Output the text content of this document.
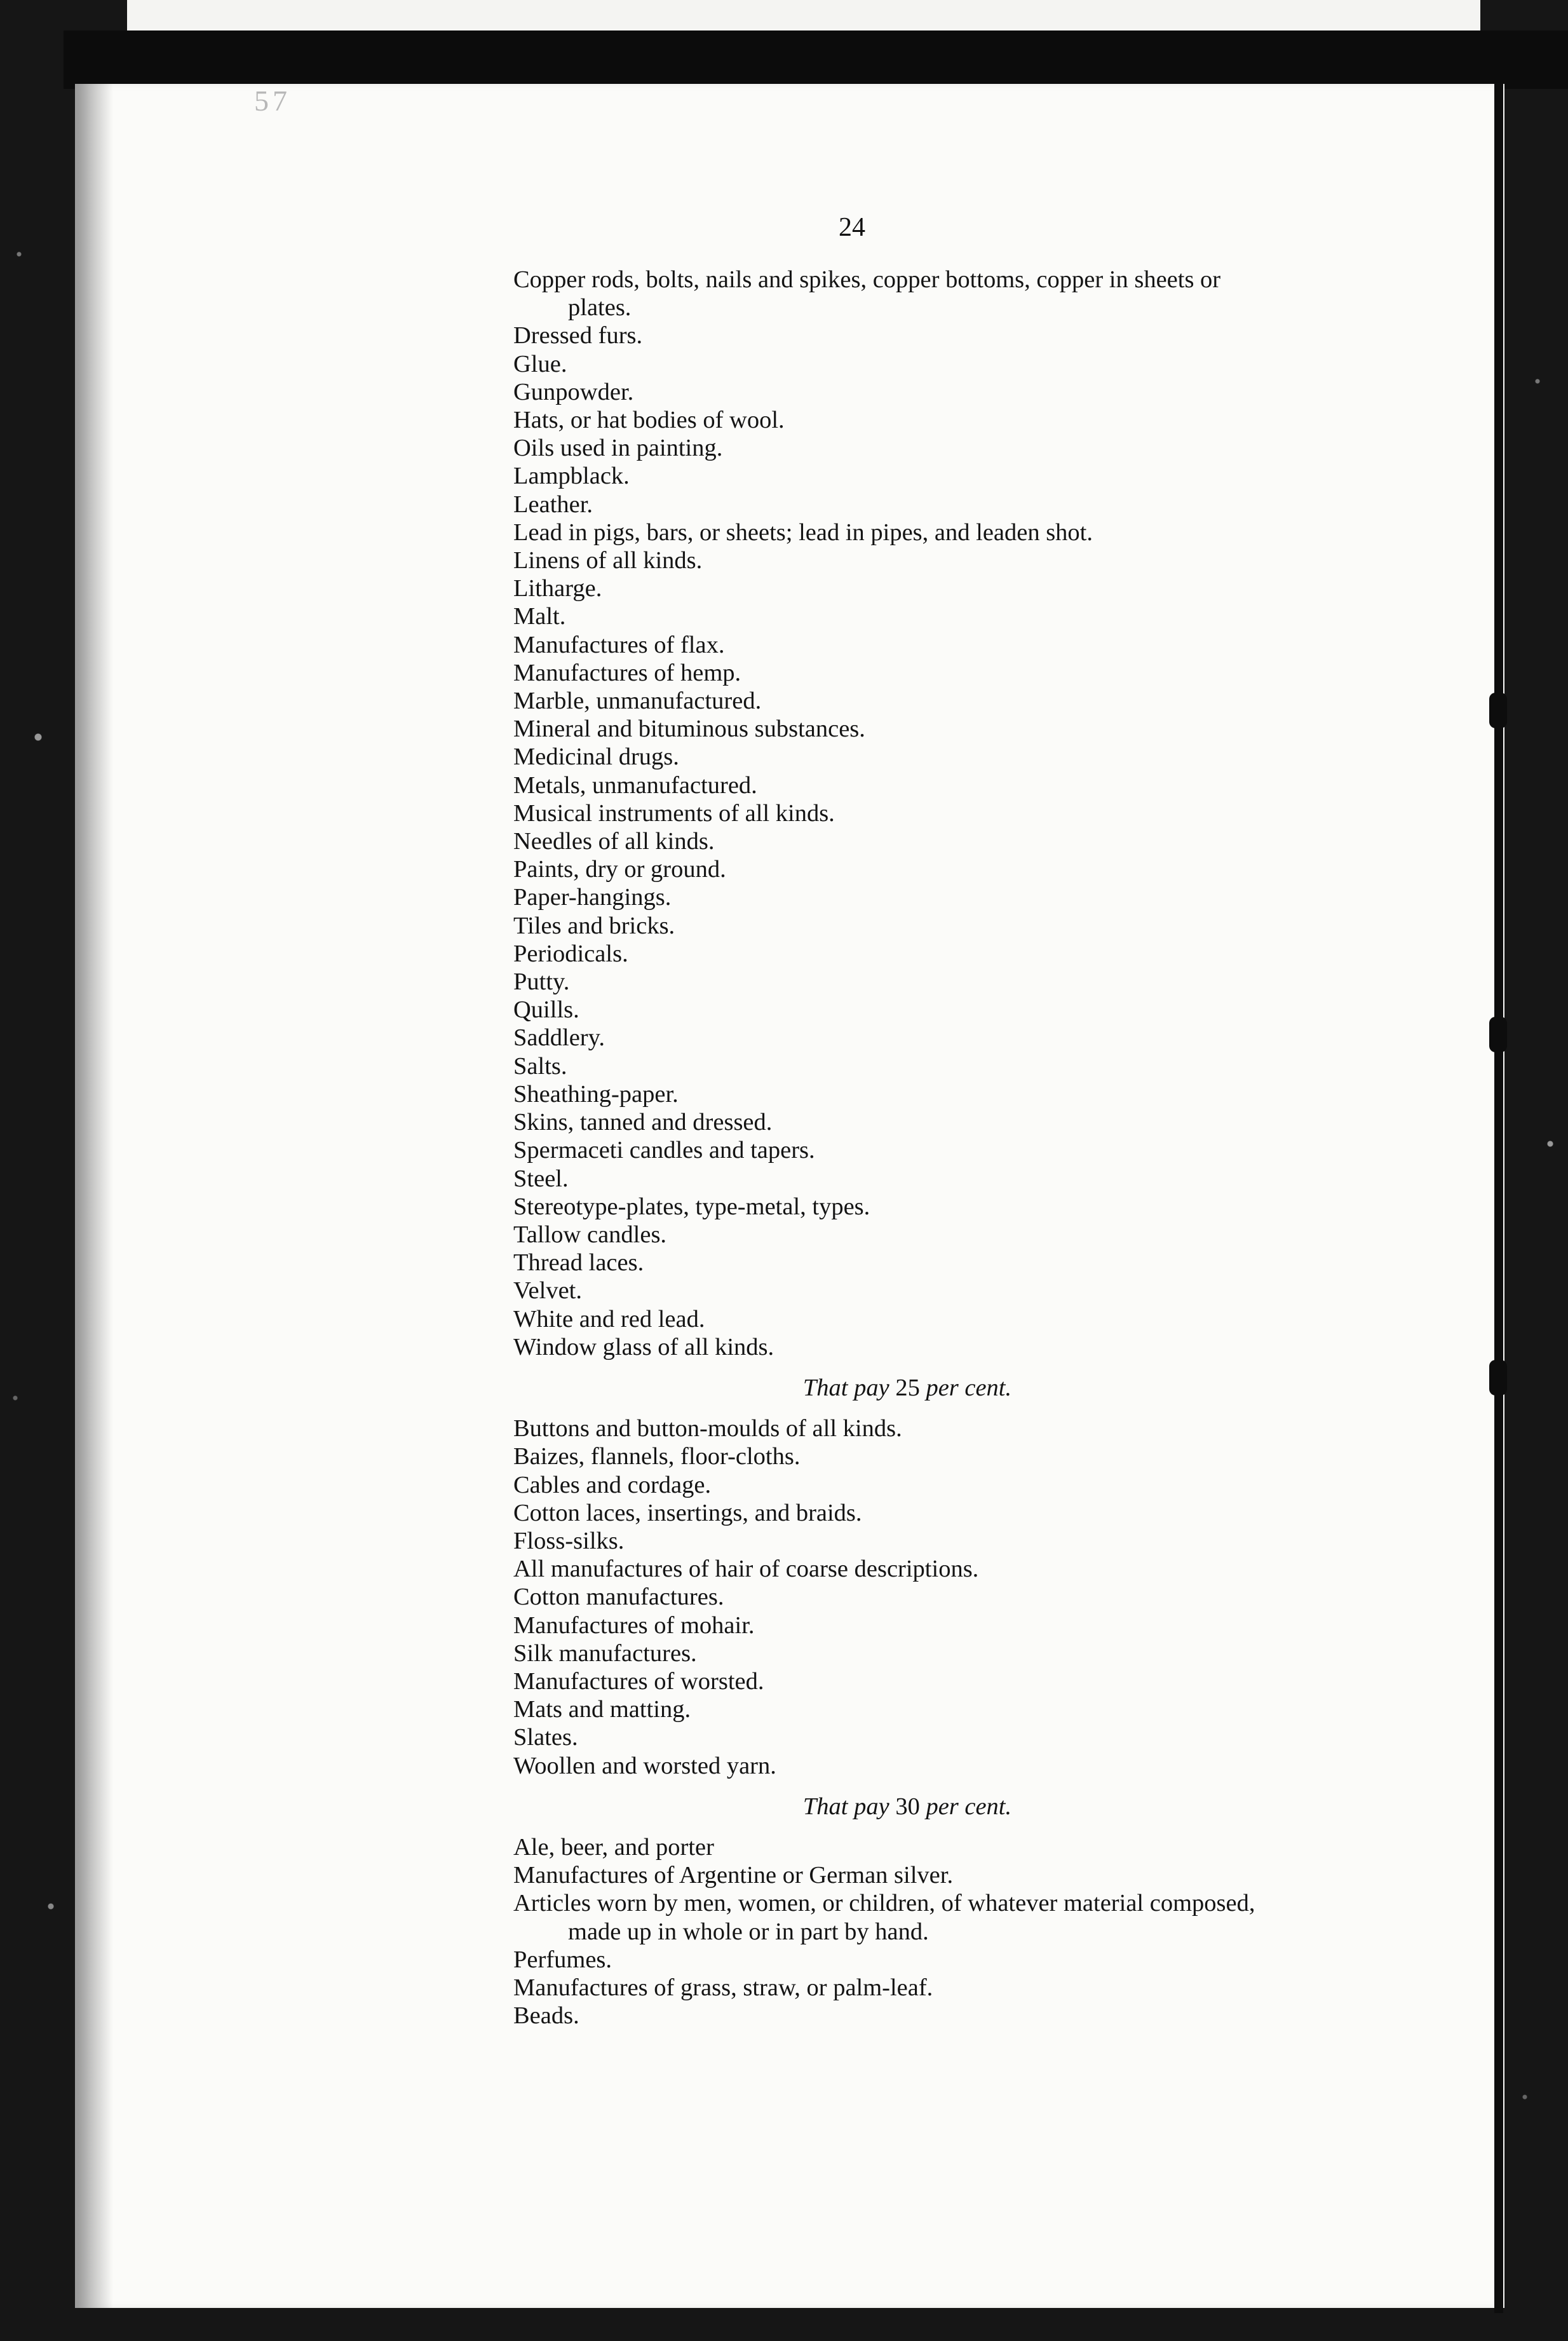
57
24
Copper rods, bolts, nails and spikes, copper bottoms, copper in sheets or plates.
Dressed furs.
Glue.
Gunpowder.
Hats, or hat bodies of wool.
Oils used in painting.
Lampblack.
Leather.
Lead in pigs, bars, or sheets; lead in pipes, and leaden shot.
Linens of all kinds.
Litharge.
Malt.
Manufactures of flax.
Manufactures of hemp.
Marble, unmanufactured.
Mineral and bituminous substances.
Medicinal drugs.
Metals, unmanufactured.
Musical instruments of all kinds.
Needles of all kinds.
Paints, dry or ground.
Paper-hangings.
Tiles and bricks.
Periodicals.
Putty.
Quills.
Saddlery.
Salts.
Sheathing-paper.
Skins, tanned and dressed.
Spermaceti candles and tapers.
Steel.
Stereotype-plates, type-metal, types.
Tallow candles.
Thread laces.
Velvet.
White and red lead.
Window glass of all kinds.
That pay 25 per cent.
Buttons and button-moulds of all kinds.
Baizes, flannels, floor-cloths.
Cables and cordage.
Cotton laces, insertings, and braids.
Floss-silks.
All manufactures of hair of coarse descriptions.
Cotton manufactures.
Manufactures of mohair.
Silk manufactures.
Manufactures of worsted.
Mats and matting.
Slates.
Woollen and worsted yarn.
That pay 30 per cent.
Ale, beer, and porter
Manufactures of Argentine or German silver.
Articles worn by men, women, or children, of whatever material composed, made up in whole or in part by hand.
Perfumes.
Manufactures of grass, straw, or palm-leaf.
Beads.
